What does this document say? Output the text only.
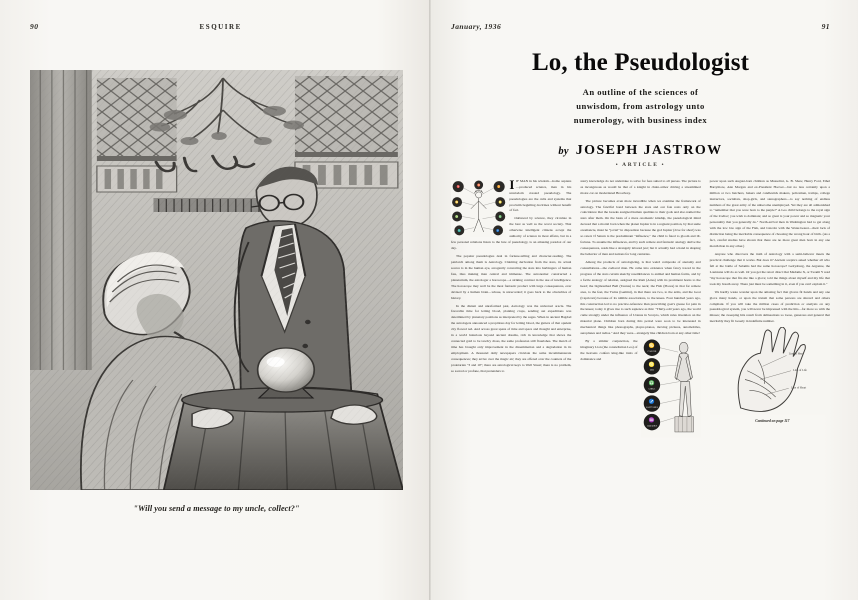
90	ESQUIRE
"Will you send a message to my uncle, collect?"
January, 1936	91
Lo, the Pseudologist
An outline of the sciences of
unwisdom, from astrology unto
numerology, with business index
by JOSEPH JASTROW
• ARTICLE •
♈
♉
♊
♋	♌
♍	♎
♏	♐

IIF MAN in his wisdom—homo sapiens—produced science, man in his unwisdom created pseudology. The pseudologies are the cults and systems that proclaim beguiling doctrines without benefit of fact.

Outlawed by science, they circulate in the best as well as the worst society. That otherwise intelligent citizens accept the authority of science in most affairs, but in a few personal relations listen to the lure of pseudology, is an amusing paradox of our day.

The popular pseudologies deal in fortune-telling and character-reading. The patriarch among them is Astrology. Claiming derivation from the stars, its actual source is in the human eye, arrogantly converting the stars into harbingers of human fate, thus making man central and immense. The astronomer constructed a planetarium, the astrologer a horoscope—a striking contrast in the use of intelligence. The horoscope may well be the most fantastic product with large consequences, ever devised by a human brain—whose, is unrecorded; it goes back to the obscurities of history.

In the distant and unreformed past, Astrology was the universal oracle. The favorable time for letting blood, planting crops, sending out expeditions was determined by planetary positions as interpreted by the sages. When in ancient Bagdad the astrologers announced a propitious day for letting blood, the gutters of that opulent city flowed red. And across great spans of time and space and thought and enterprise, in a world luxurious beyond ancient dreams, rich in knowledge that shows the connected gold to be tawdry dross, the same profession still flourishes. The march of time has brought only improvement in the dissemination and a degradation in its employment. A thousand daily newspapers circulate the same incommensurate consequences; they arrive over the magic air; they are offered over the counters of the proletarian "3 and 10"; there are astrological keys to Wall Street; there is no problem, so sacred or profane, that pretenders to

starry knowledge do not undertake to solve for fees suited to all purses. The picture is as incongruous as would be that of a knight in chain-armor driving a streamlined motor-car on modernized Broadway.

The picture becomes even more incredible when we examine the framework of astrology. The fanciful bond between the stars and our fate rests only on the coincidence that the Greeks assigned human qualities to their gods and also named the stars after them. On the basis of a mere onomastic kinship, the pseudological mind decreed that a mortal born when the planet Jupiter is in a regnant position, by that same onomancie, must be "jovial" in disposition because the god Jupiter (Jove for short) was so rated. If Saturn is the predominant "influence," the child is fated to gloom and ill-fortune. To assume the influences, and by such remote and fantastic analogy derive the consequences, reads like a strangely labored jest; but it actually had a hand in shaping the behavior of men and nations for long centuries.

Among the products of astrologizing, is that weird composite of anatomy and constellations—the zodiacal man. He came into existence when fancy traced in the progress of the stars certain sketchy resemblances to animal and human forms, and by a facile analogy of relation, assigned the Ram (Aries) with its prominent horns to the head; the bigmouthed Bull (Taurus) to the neck; the Fish (Pisces) in that far remote area, to the feet, the Twins (Gemini), in that there are two, to the arms, and the Goat (Capricorn) because of its nimble associations, to the knees. Four hundred years ago, this construction led to no practice-reference than prescribing goat's grease for pain in the knees; today it gives rise to such sapience as this: "Thirty-odd years ago, the world came strongly under the influence of Uranus in Scorpio, which rules invention on the material plane. Children born during this period were soon to be interested in mechanical things like phonographs, player-pianos, moving pictures, automobiles, aeroplanes and radios." And they were—strangely like children born at any other time!

♋
CANCER
♌
LEO
♎
LIBRA
♐
SAGITTARIUS
♒
AQUARIUS

By a similar conjunction, the imaginary Lion (the constellation Leo) of the heavens confers king-like traits of dominance and

power upon such August-born children as Mussolini, G. B. Shaw, Henry Ford, Ethel Barrymore, Ann Morgan and ex-President Hoover—but no less certainly upon a million or two butchers, bakers and candlestick makers, policemen, tramps, college instructors, socialists, shop-girls, and stenographers—to say nothing of endless numbers of the great army of the unbecome unemployed. Yet they are all admonished to "remember that you were born to the purple!" A Leo child belongs to the royal sign of the Zodiac; you wish to dominate; and so great is your power and so magnetic your personality that you generally do." North-arrival men in Washington had to get along with the low law sign of the Fish, and Lincoln with the Water-bearer—their lack of distinction being the inevitable consequence of choosing the wrong hour of birth. (As a fact, careful studies have shown that there are no more great men born in any one month than in any other.)

Anyone who discovers the truth of Astrology with a semi-believer meets the practical challenge that it works. But does it? Ancient sceptics asked whether all who fell at the battle of Salamis had the same horoscope? Gettysburg, the Argonne, the Louisiana will do as well. Or you get the retort direct that Madame X, or Swami Y read "my horoscope that fits me like a glove; told me things about myself and my life that took my breath away. There just must be something in it, even if you can't explain it."

We hardly waste wonder upon the amazing fact that gloves fit hands and any one glove many hands, or upon the truism that some persons are shrewd and others compliant. If you will take the million cases of prediction or analysis on any pseudological system, you will never be impressed with the hits—far more so with the misses; the sweeping hits result from delineations so loose, generous and general that inevitably they fit loosely in indefinite number.

Line of Head
Line of Life
Line of Heart

Continued on page 117
